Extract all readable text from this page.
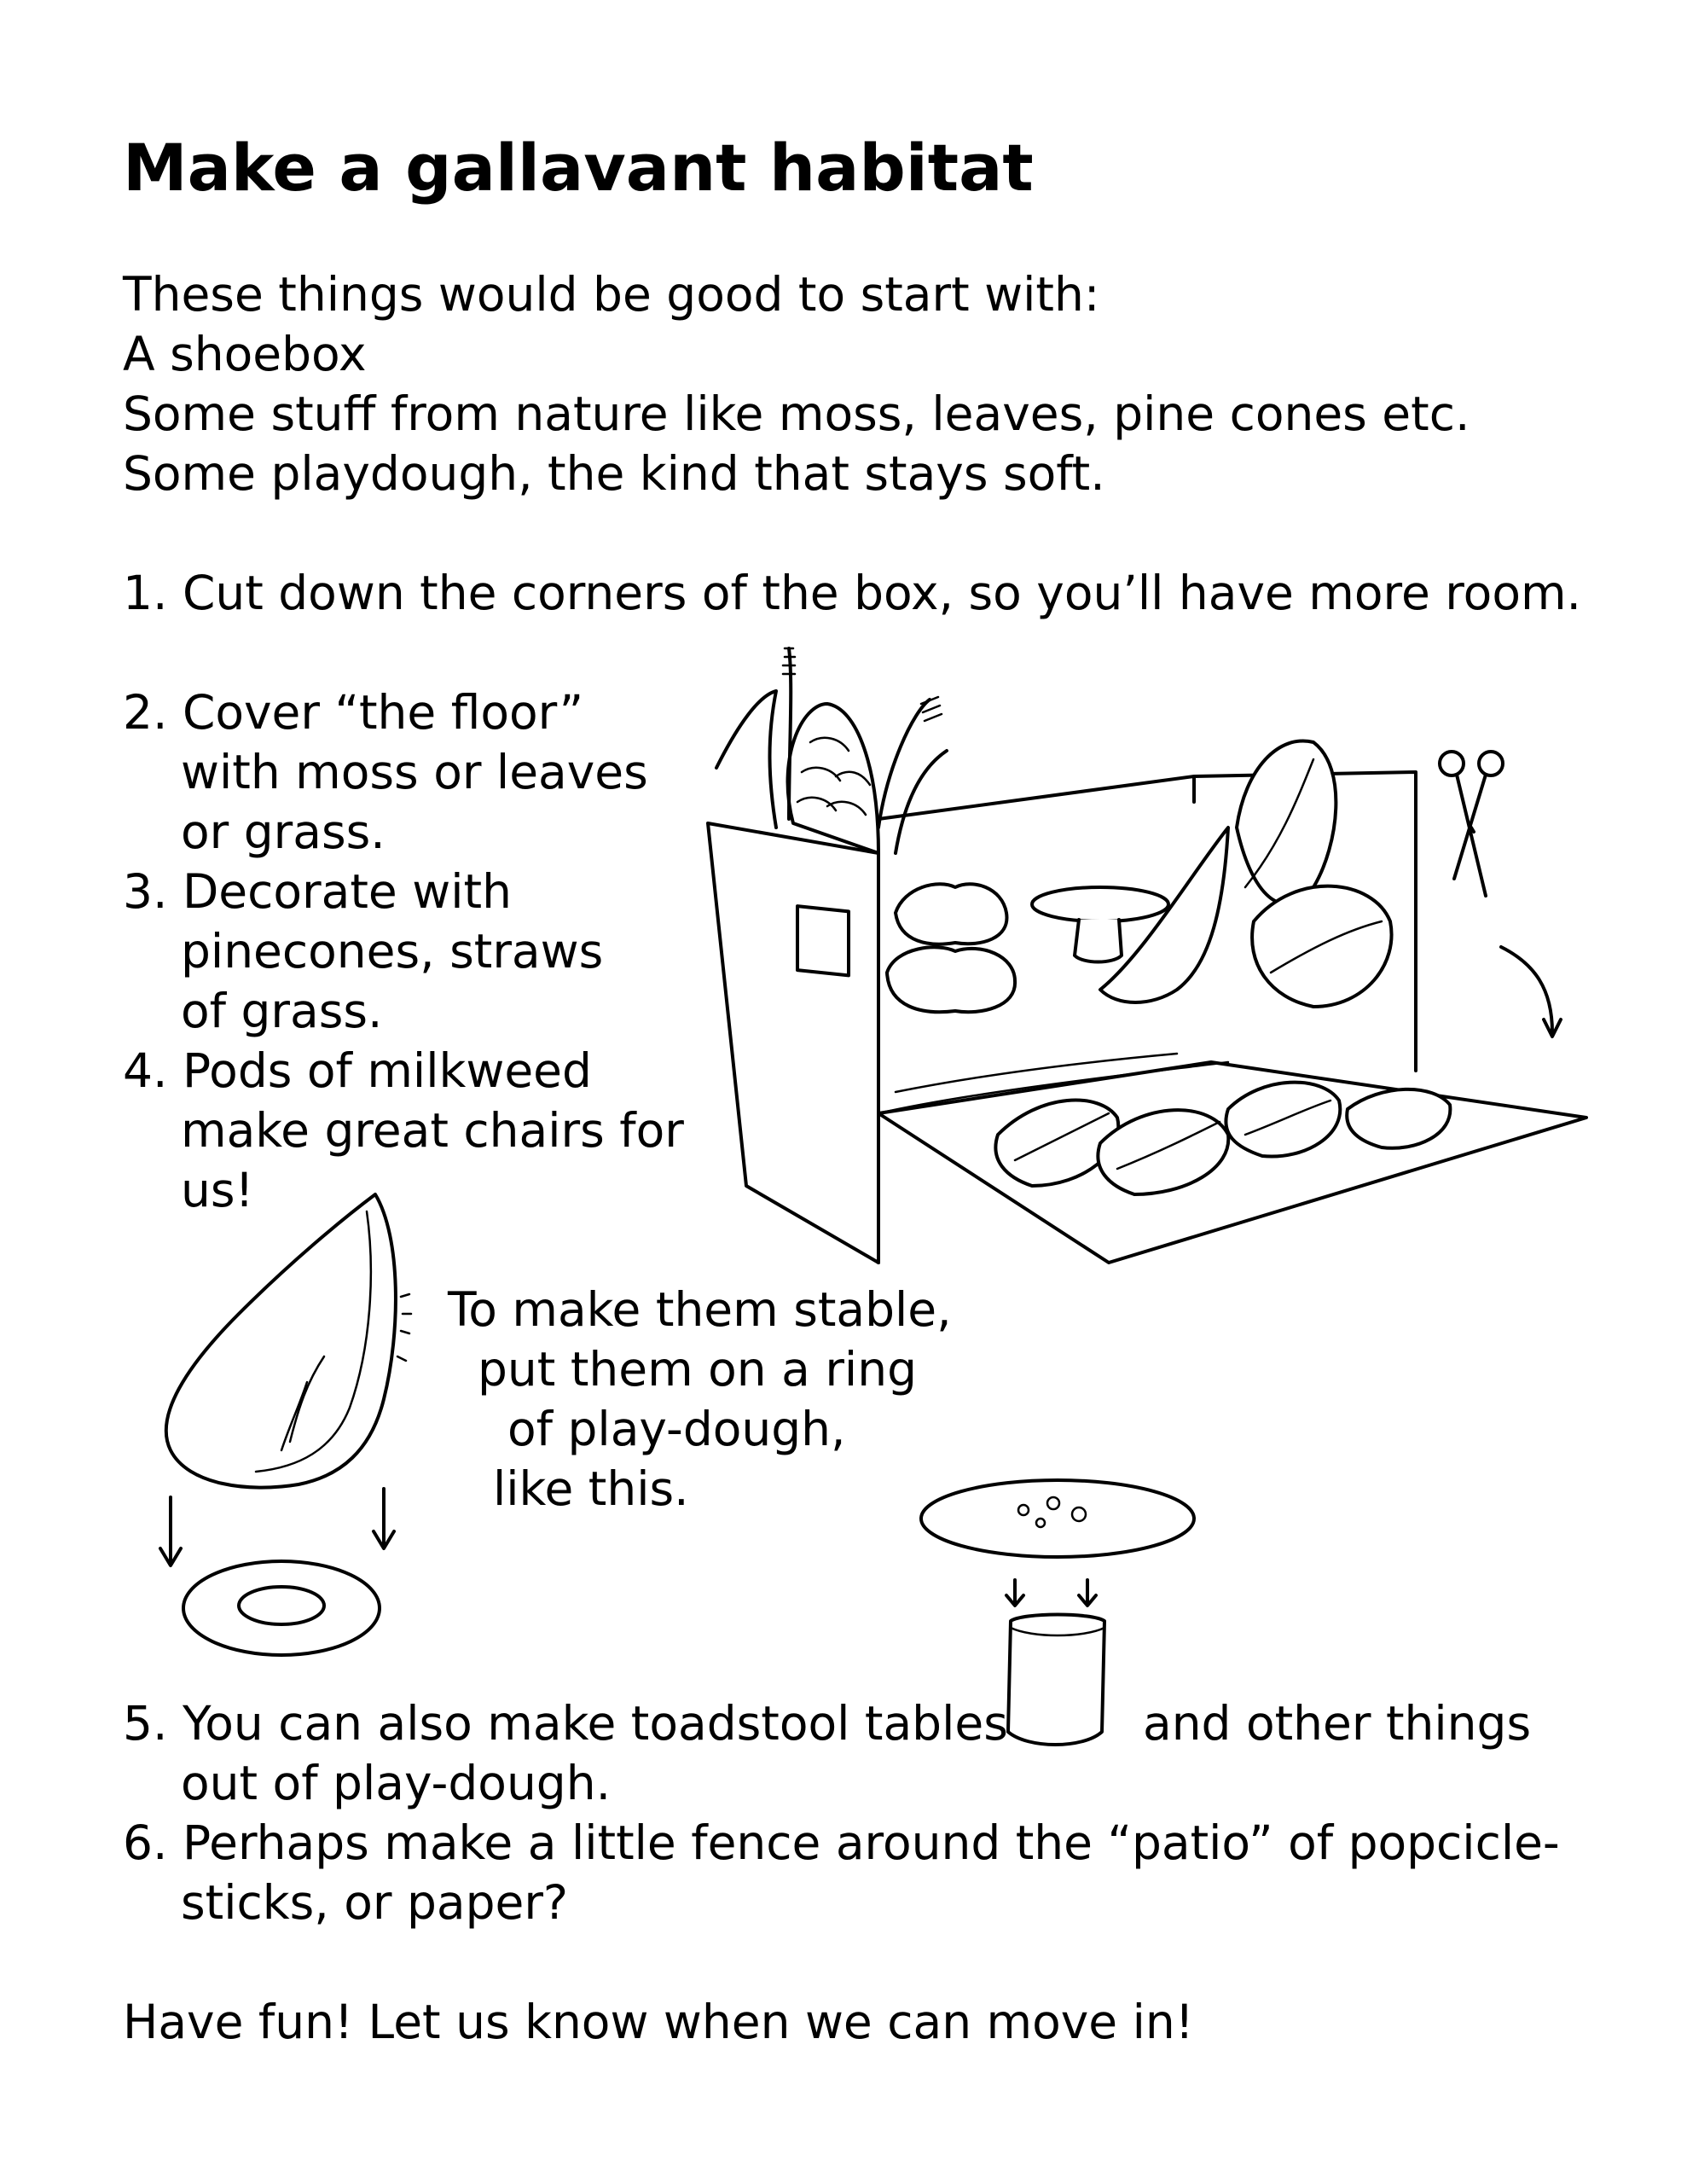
Make a gallavant habitat
These things would be good to start with:
A shoebox
Some stuff from nature like moss, leaves, pine cones etc.
Some playdough, the kind that stays soft.
1. Cut down the corners of the box, so you’ll have more room.
2. Cover “the floor”
with moss or leaves
or grass.
3. Decorate with
pinecones, straws
of grass.
4. Pods of milkweed
make great chairs for
us!
To make them stable,
put them on a ring
of play-dough,
like this.
5. You can also make toadstool tables	and other things
out of play-dough.
6. Perhaps make a little fence around the “patio” of popcicle-
sticks, or paper?
Have fun! Let us know when we can move in!
